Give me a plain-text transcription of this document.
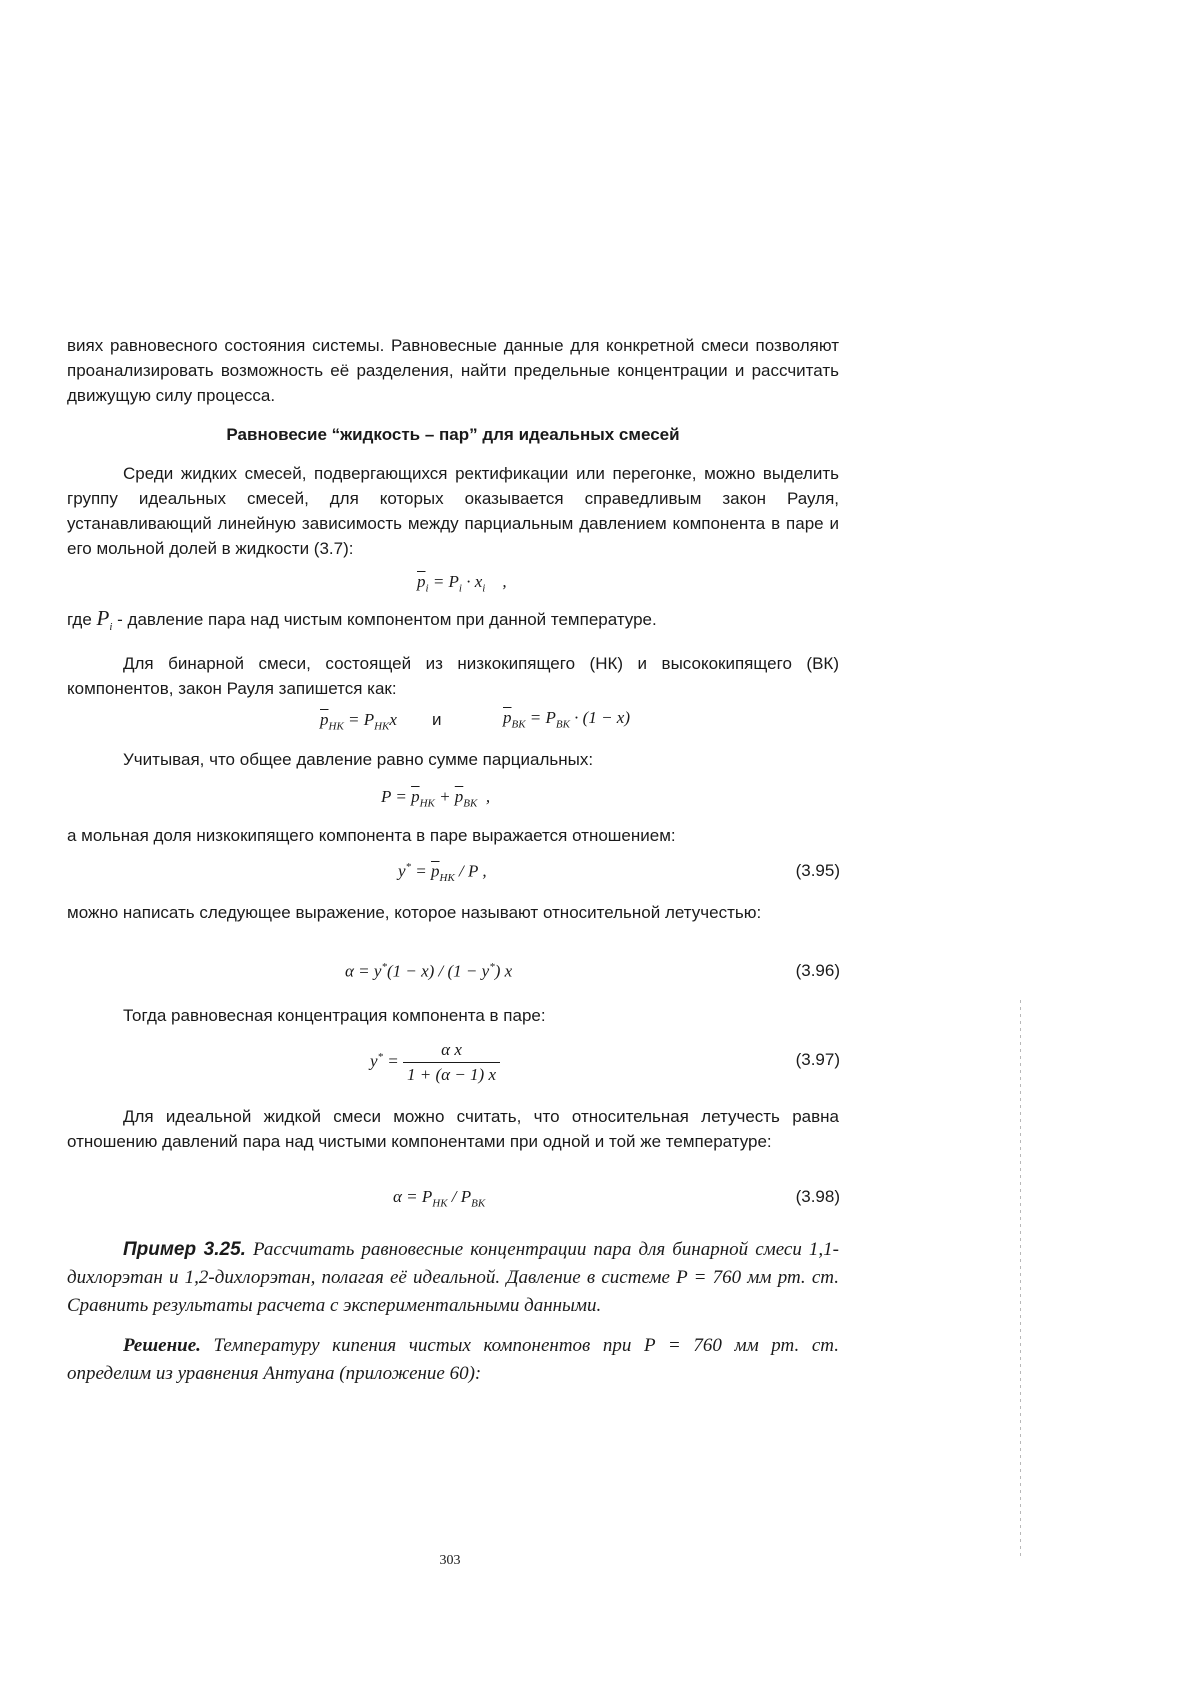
виях равновесного состояния системы. Равновесные данные для конкретной смеси позволяют проанализировать возможность её разделения, найти предельные концентрации и рассчитать движущую силу процесса.

Равновесие “жидкость – пар” для идеальных смесей

Среди жидких смесей, подвергающихся ректификации или перегонке, можно выделить группу идеальных смесей, для которых оказывается справедливым закон Рауля, устанавливающий линейную зависимость между парциальным давлением компонента в паре и его мольной долей в жидкости (3.7):

$\overline{p}_i = P_i \cdot x_i$    ,
где $P_i$ - давление пара над чистым компонентом при данной температуре.

Для бинарной смеси, состоящей из низкокипящего (НК) и высококипящего (ВК) компонентов, закон Рауля запишется как:

$\overline{p}_{НК} = P_{НК}x$ и	$\overline{p}_{ВК} = P_{ВК} \cdot (1 - x)$

Учитывая, что общее давление равно сумме парциальных:

$P = \overline{p}_{НК} + \overline{p}_{ВК}$  ,

а мольная доля низкокипящего компонента в паре выражается отношением:

$y^* = \overline{p}_{НК} / P$ ,	(3.95)

можно написать следующее выражение, которое называют относительной летучестью:

α = y*(1 − x) / (1 − y*) x	(3.96)

Тогда равновесная концентрация компонента в паре:

$y^* = \frac{\text{α x}}{1 + (\alpha - 1) x}$	(3.97)

Для идеальной жидкой смеси можно считать, что относительная летучесть равна отношению давлений пара над чистыми компонентами при одной и той же температуре:

$\alpha = P_{НК} / P_{ВК}$	(3.98)

Пример 3.25. Рассчитать равновесные концентрации пара для бинарной смеси 1,1-дихлорэтан и 1,2-дихлорэтан, полагая её идеальной. Давление в системе P = 760 мм рт. ст. Сравнить результаты расчета с экспериментальными данными.

Решение. Температуру кипения чистых компонентов при P = 760 мм рт. ст. определим из уравнения Антуана (приложение 60):

303
